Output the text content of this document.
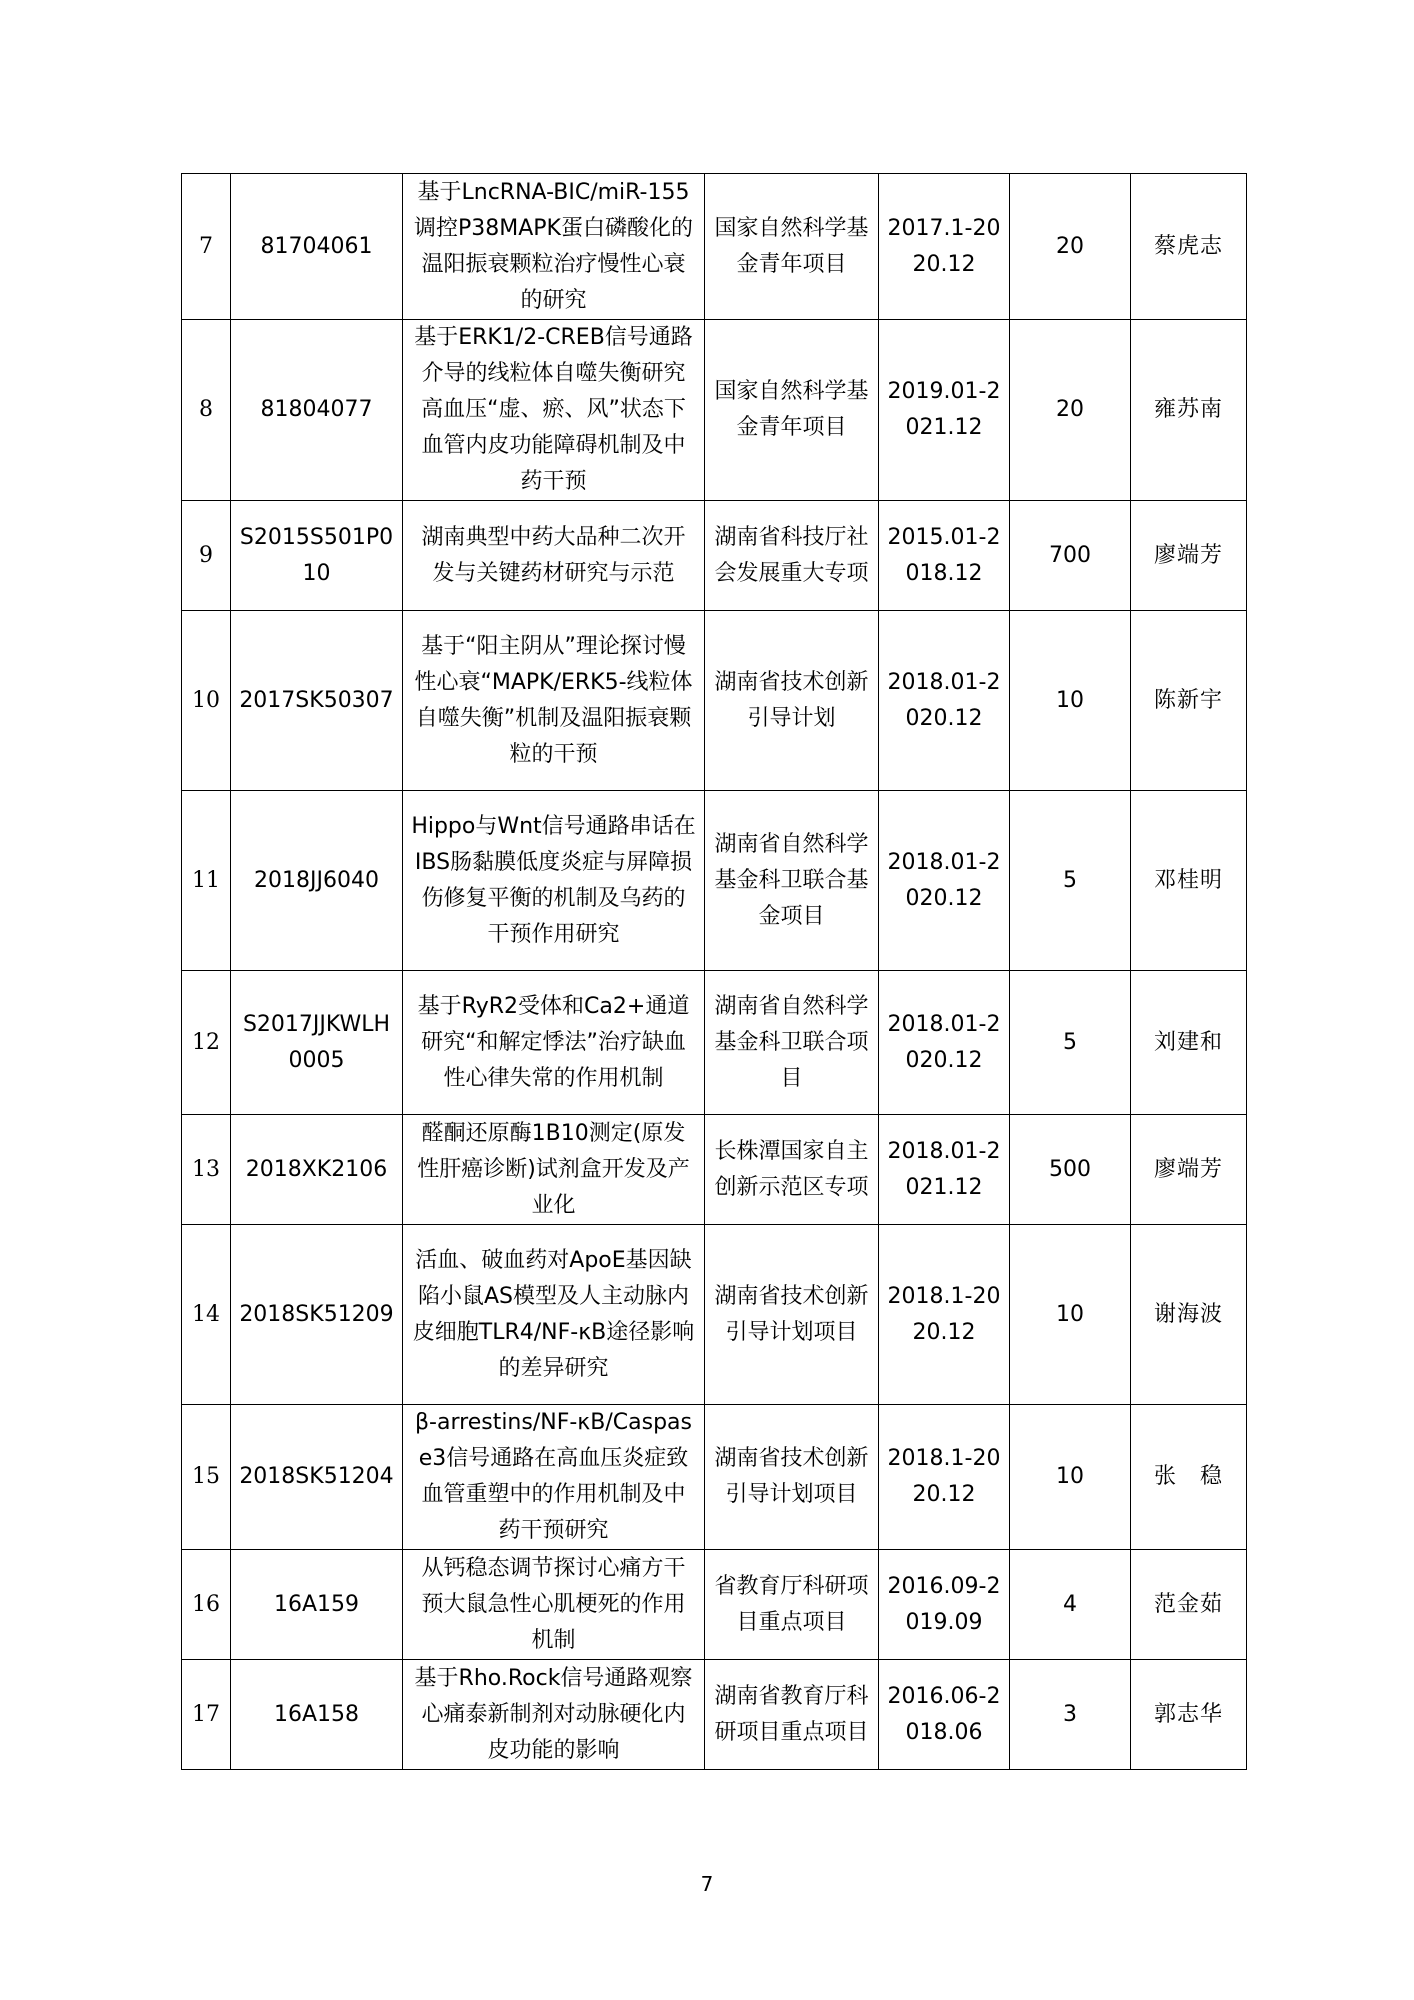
7	81704061	基于LncRNA-BIC/miR-155调控P38MAPK蛋白磷酸化的温阳振衰颗粒治疗慢性心衰的研究	国家自然科学基金青年项目	2017.1-2020.12	20	蔡虎志
8	81804077	基于ERK1/2-CREB信号通路介导的线粒体自噬失衡研究高血压“虚、瘀、风”状态下血管内皮功能障碍机制及中药干预	国家自然科学基金青年项目	2019.01-2021.12	20	雍苏南
9	S2015S501P010	湖南典型中药大品种二次开发与关键药材研究与示范	湖南省科技厅社会发展重大专项	2015.01-2018.12	700	廖端芳
10	2017SK50307	基于“阳主阴从”理论探讨慢性心衰“MAPK/ERK5-线粒体自噬失衡”机制及温阳振衰颗粒的干预	湖南省技术创新引导计划	2018.01-2020.12	10	陈新宇
11	2018JJ6040	Hippo与Wnt信号通路串话在IBS肠黏膜低度炎症与屏障损伤修复平衡的机制及乌药的干预作用研究	湖南省自然科学基金科卫联合基金项目	2018.01-2020.12	5	邓桂明
12	S2017JJKWLH0005	基于RyR2受体和Ca2+通道研究“和解定悸法”治疗缺血性心律失常的作用机制	湖南省自然科学基金科卫联合项目	2018.01-2020.12	5	刘建和
13	2018XK2106	醛酮还原酶1B10测定(原发性肝癌诊断)试剂盒开发及产业化	长株潭国家自主创新示范区专项	2018.01-2021.12	500	廖端芳
14	2018SK51209	活血、破血药对ApoE基因缺陷小鼠AS模型及人主动脉内皮细胞TLR4/NF-κB途径影响的差异研究	湖南省技术创新引导计划项目	2018.1-2020.12	10	谢海波
15	2018SK51204	β-arrestins/NF-κB/Caspase3信号通路在高血压炎症致血管重塑中的作用机制及中药干预研究	湖南省技术创新引导计划项目	2018.1-2020.12	10	张　稳
16	16A159	从钙稳态调节探讨心痛方干预大鼠急性心肌梗死的作用机制	省教育厅科研项目重点项目	2016.09-2019.09	4	范金茹
17	16A158	基于Rho.Rock信号通路观察心痛泰新制剂对动脉硬化内皮功能的影响	湖南省教育厅科研项目重点项目	2016.06-2018.06	3	郭志华
7
